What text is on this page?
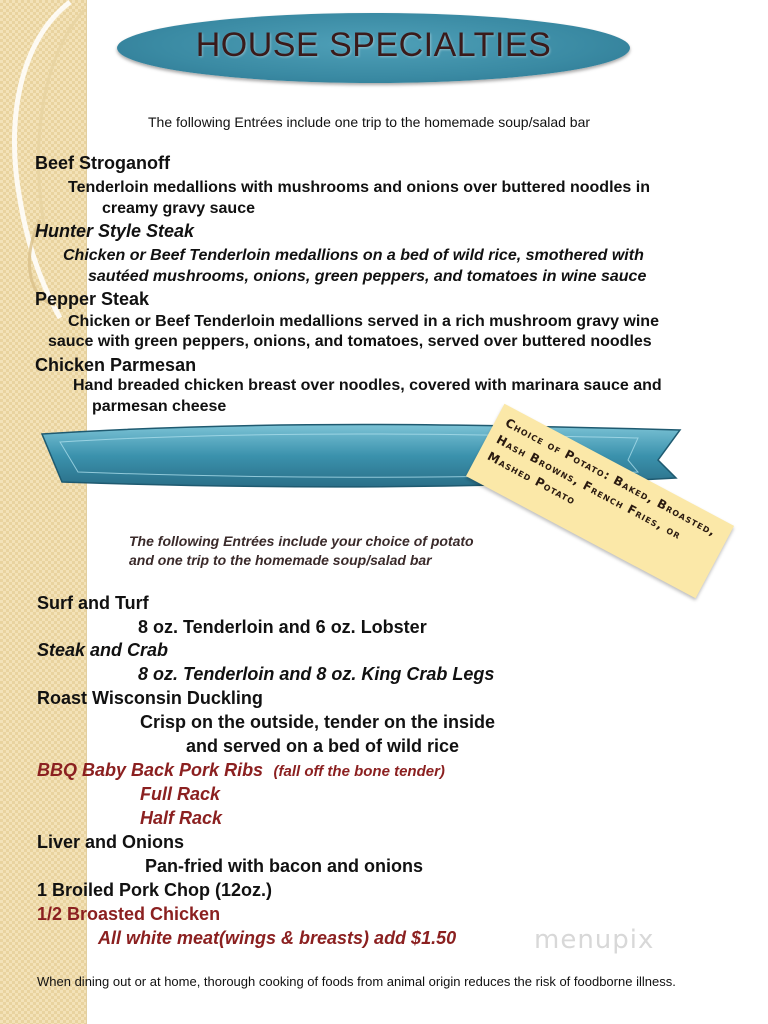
HOUSE SPECIALTIES
The following Entrées include one trip to the homemade soup/salad bar
Beef Stroganoff
Tenderloin medallions with mushrooms and onions over buttered noodles in
creamy gravy sauce
Hunter Style Steak
Chicken or Beef Tenderloin medallions on a bed of wild rice, smothered with
sautéed mushrooms, onions, green peppers, and tomatoes in wine sauce
Pepper Steak
Chicken or Beef Tenderloin medallions served in a rich mushroom gravy wine
sauce with green peppers, onions, and tomatoes, served over buttered noodles
Chicken Parmesan
Hand breaded chicken breast over noodles, covered with marinara sauce and
parmesan cheese
Choice of Potato: Baked, Broasted, Hash Browns, French Fries, or Mashed Potato
The following Entrées include your choice of potato
and one trip to the homemade soup/salad bar
Surf and Turf
8 oz. Tenderloin and 6 oz. Lobster
Steak and Crab
8 oz. Tenderloin and 8 oz. King Crab Legs
Roast Wisconsin Duckling
Crisp on the outside, tender on the inside
and served on a bed of wild rice
BBQ Baby Back Pork Ribs (fall off the bone tender)
Full Rack
Half Rack
Liver and Onions
Pan-fried with bacon and onions
1 Broiled Pork Chop (12oz.)
1/2 Broasted Chicken
All white meat(wings & breasts) add $1.50	menupix
When dining out or at home, thorough cooking of foods from animal origin reduces the risk of foodborne illness.
